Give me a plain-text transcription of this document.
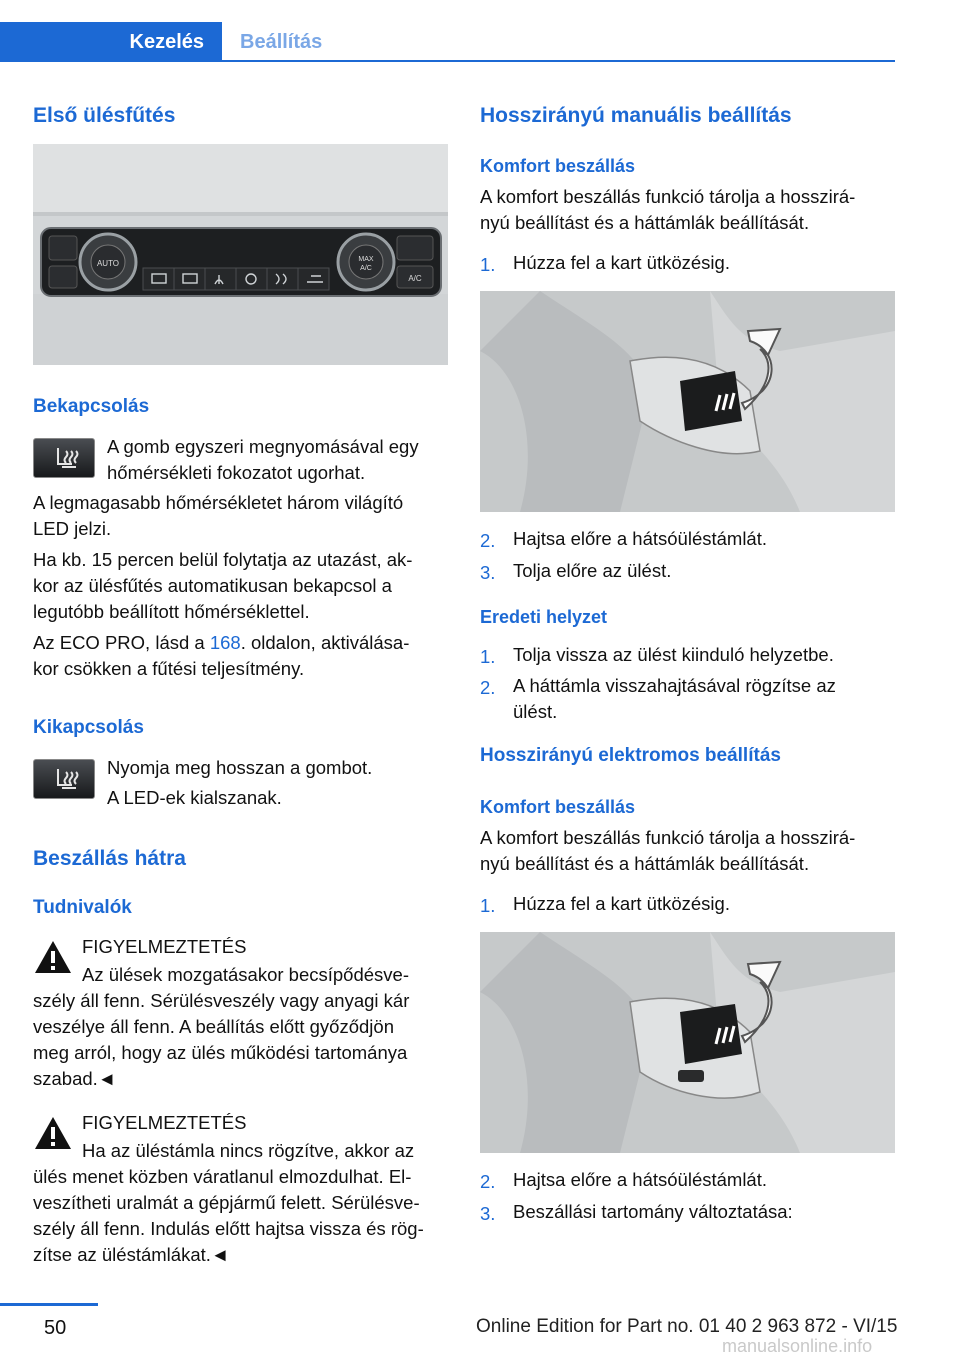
Kezelés Beállítás
Első ülésfűtés
AUTO	MAX
A/C
A/C
Bekapcsolás

A gomb egyszeri megnyomásával egy

hőmérsékleti fokozatot ugorhat.

A legmagasabb hőmérsékletet három világító

LED jelzi.

Ha kb. 15 percen belül folytatja az utazást, ak‐

kor az ülésfűtés automatikusan bekapcsol a

legutóbb beállított hőmérséklettel.

Az ECO PRO, lásd a 168. oldalon, aktiválása‐

kor csökken a fűtési teljesítmény.

Kikapcsolás

Nyomja meg hosszan a gombot.

A LED-ek kialszanak.

Beszállás hátra
Tudnivalók

FIGYELMEZTETÉS

Az ülések mozgatásakor becsípődésve‐

szély áll fenn. Sérülésveszély vagy anyagi kár

veszélye áll fenn. A beállítás előtt győződjön

meg arról, hogy az ülés működési tartománya

szabad.◄

FIGYELMEZTETÉS

Ha az üléstámla nincs rögzítve, akkor az

ülés menet közben váratlanul elmozdulhat. El‐

veszítheti uralmát a gépjármű felett. Sérülésve‐

szély áll fenn. Indulás előtt hajtsa vissza és rög‐

zítse az üléstámlákat.◄

Hosszirányú manuális beállítás
Komfort beszállás

A komfort beszállás funkció tárolja a hosszirá‐

nyú beállítást és a háttámlák beállítását.

1. Húzza fel a kart ütközésig.
2. Hajtsa előre a hátsóüléstámlát.
3. Tolja előre az ülést.
Eredeti helyzet
1. Tolja vissza az ülést kiinduló helyzetbe.
2. A háttámla visszahajtásával rögzítse az
ülést.
Hosszirányú elektromos beállítás
Komfort beszállás

A komfort beszállás funkció tárolja a hosszirá‐

nyú beállítást és a háttámlák beállítását.

1. Húzza fel a kart ütközésig.
2. Hajtsa előre a hátsóüléstámlát.
3. Beszállási tartomány változtatása:
50	Online Edition for Part no. 01 40 2 963 872 - VI/15
manualsonline.info
